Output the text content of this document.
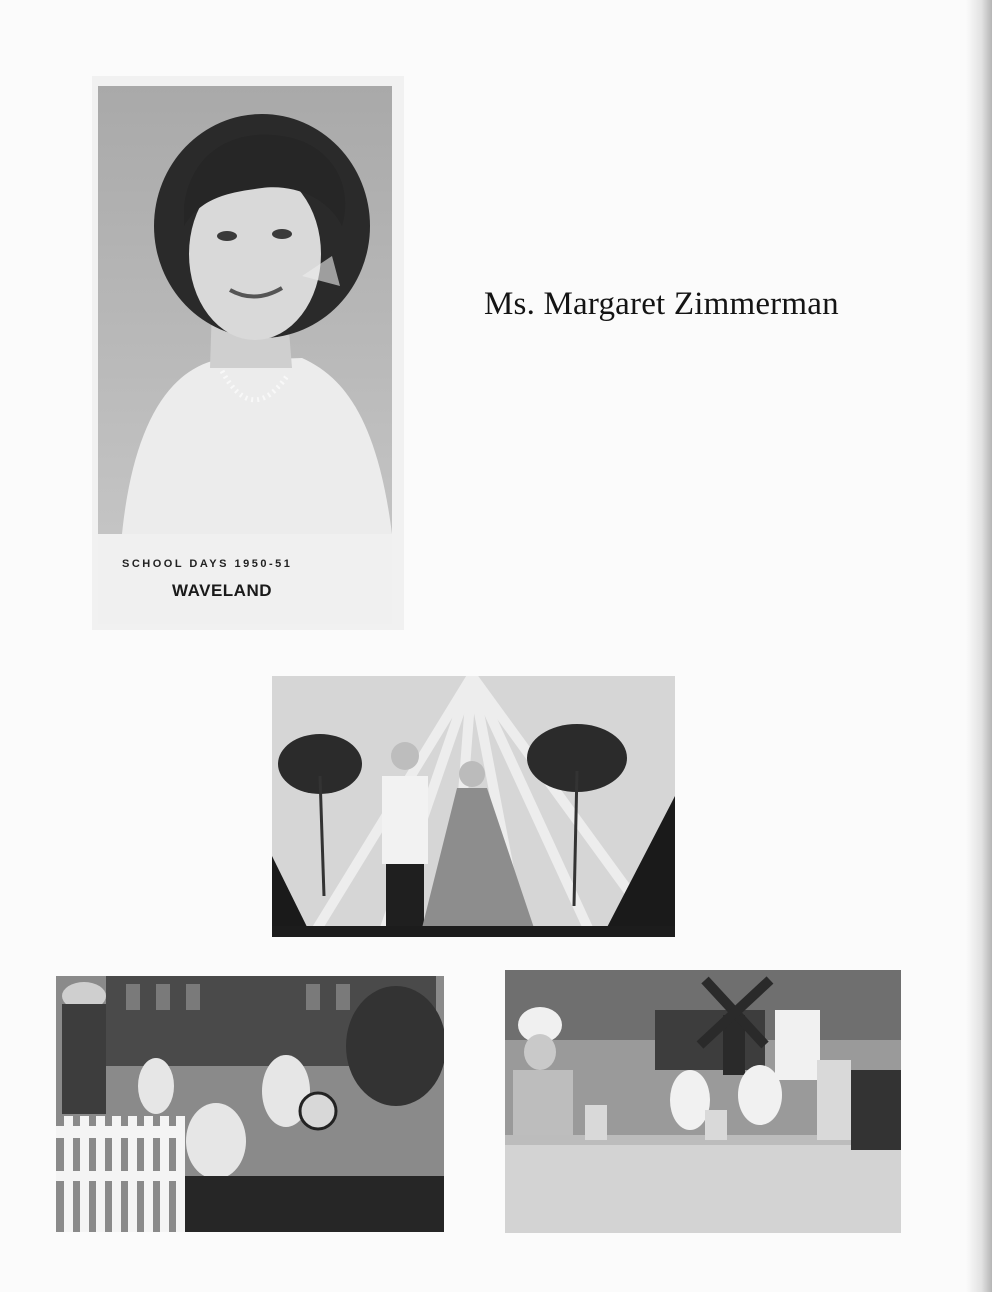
SCHOOL DAYS 1950-51
WAVELAND
Ms. Margaret Zimmerman
